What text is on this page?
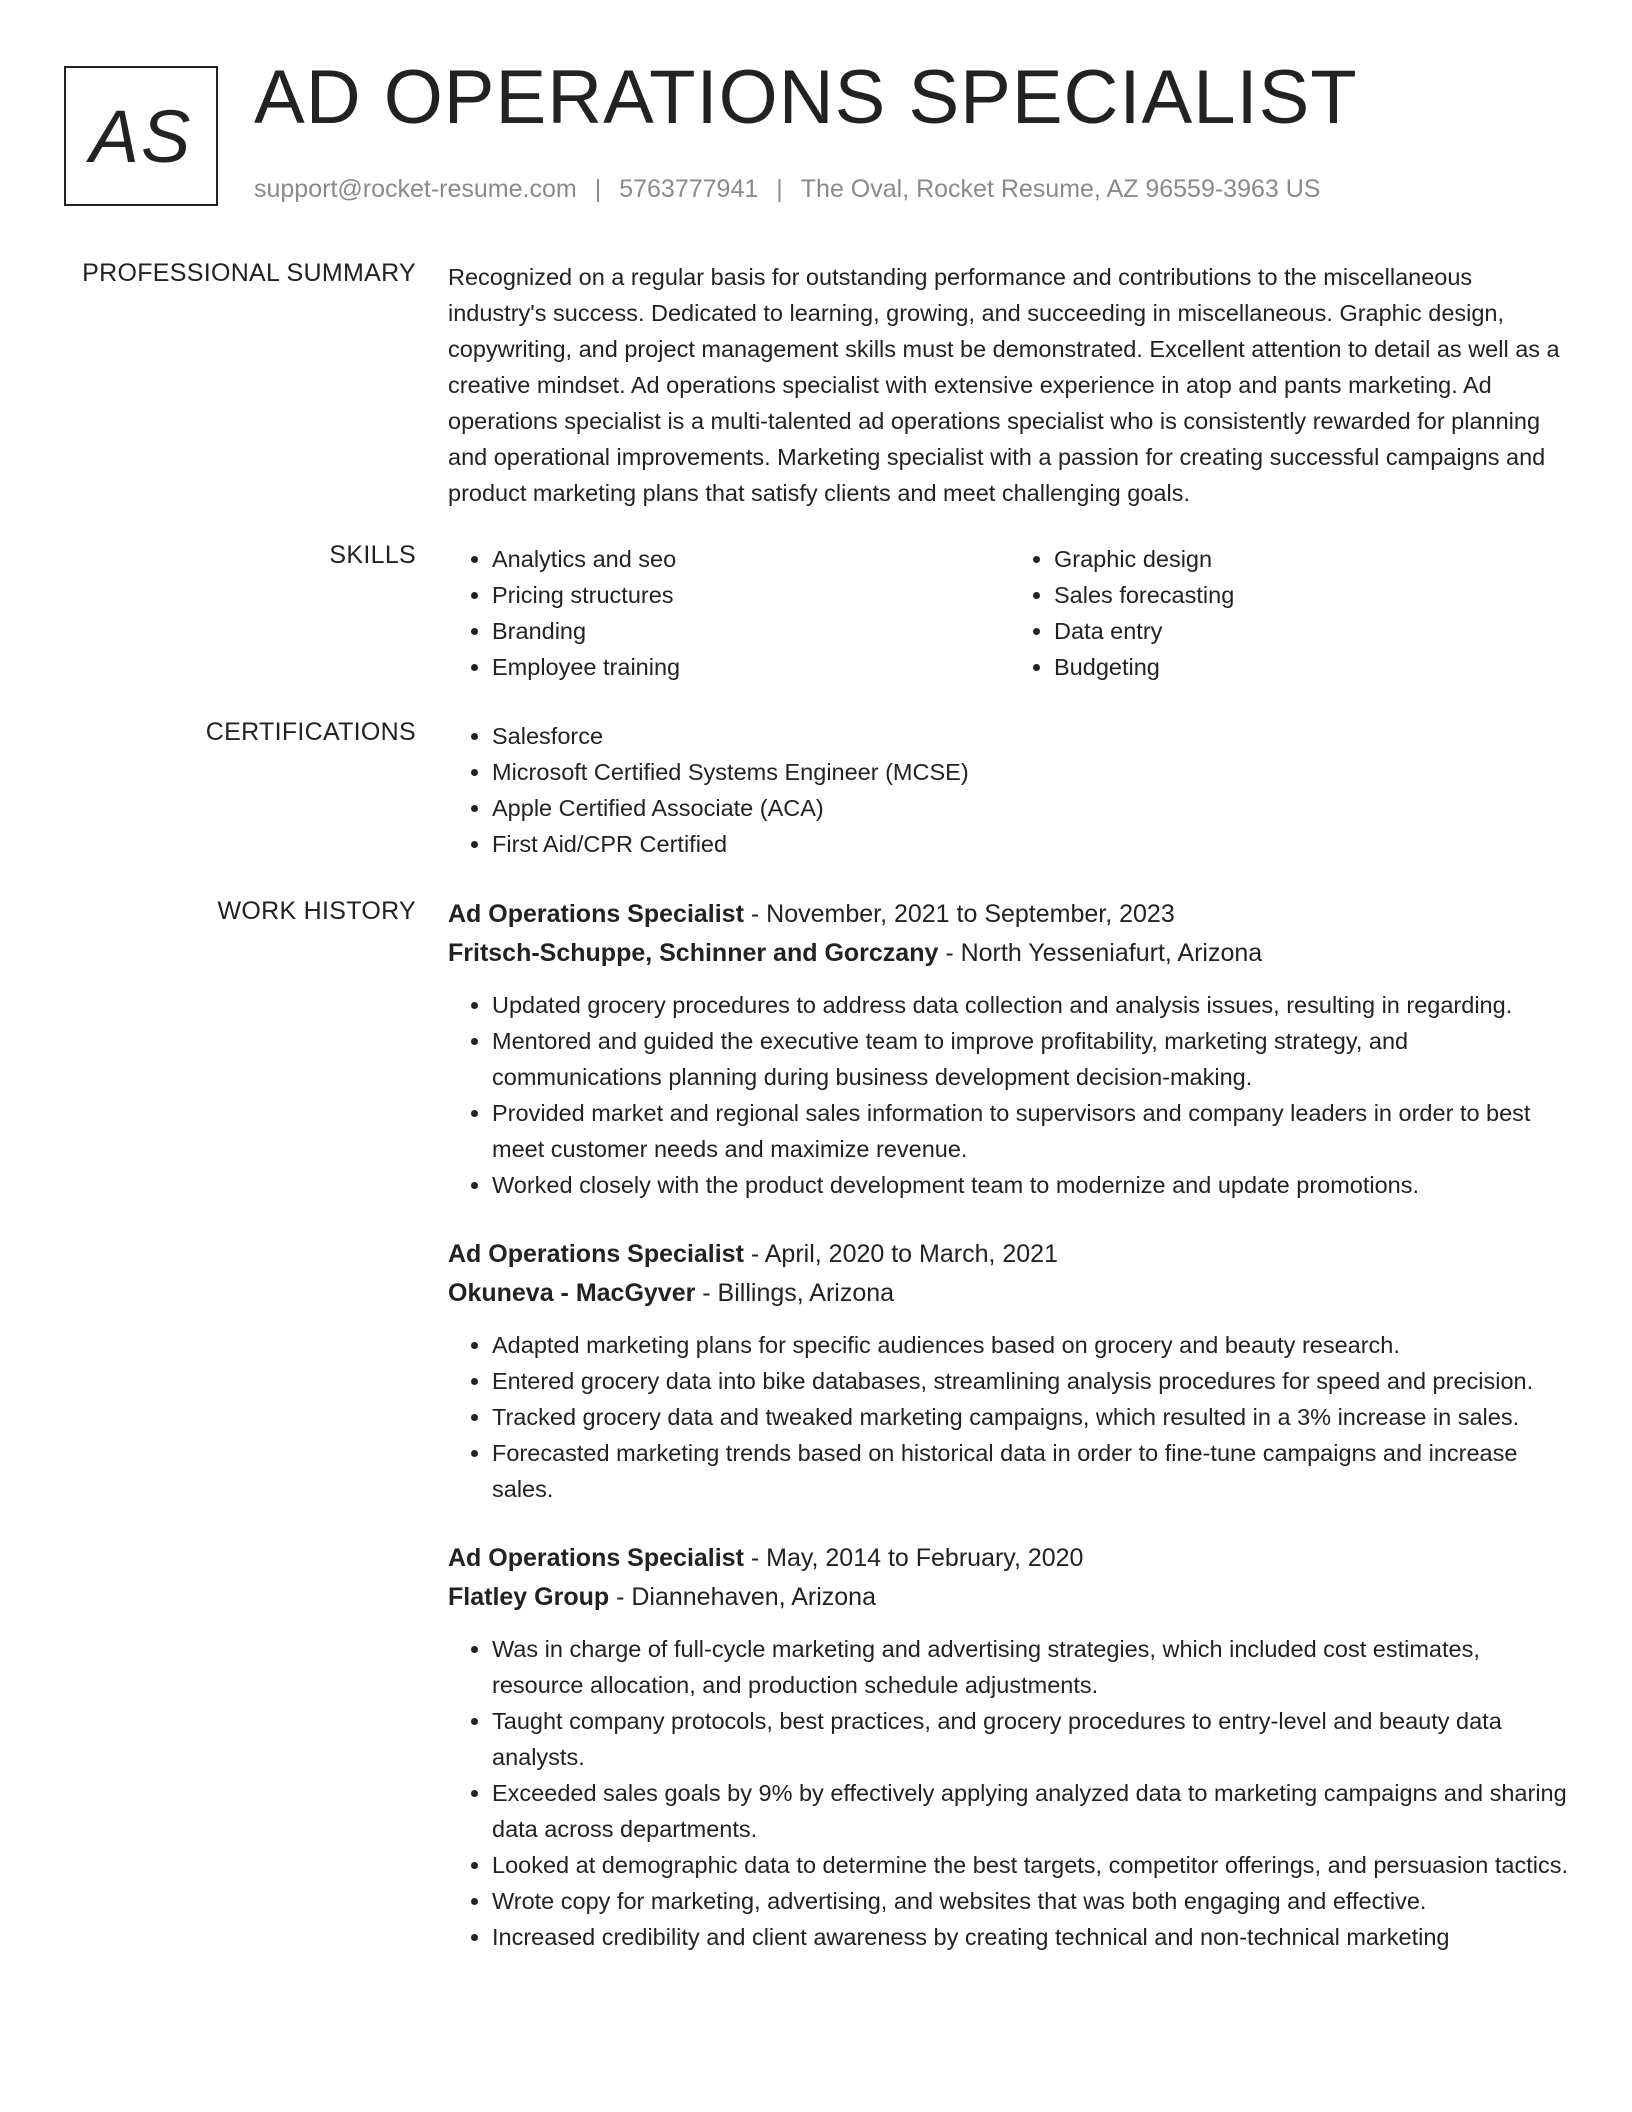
AS AD OPERATIONS SPECIALIST
support@rocket-resume.com | 5763777941 | The Oval, Rocket Resume, AZ 96559-3963 US
PROFESSIONAL SUMMARY Recognized on a regular basis for outstanding performance and contributions to the miscellaneous industry's success. Dedicated to learning, growing, and succeeding in miscellaneous. Graphic design, copywriting, and project management skills must be demonstrated. Excellent attention to detail as well as a creative mindset. Ad operations specialist with extensive experience in atop and pants marketing. Ad operations specialist is a multi-talented ad operations specialist who is consistently rewarded for planning and operational improvements. Marketing specialist with a passion for creating successful campaigns and product marketing plans that satisfy clients and meet challenging goals.

SKILLS	• Analytics and seo
• Pricing structures
• Branding
• Employee training
• Graphic design
• Sales forecasting
• Data entry
• Budgeting
CERTIFICATIONS	• Salesforce
• Microsoft Certified Systems Engineer (MCSE)
• Apple Certified Associate (ACA)
• First Aid/CPR Certified
WORK HISTORY Ad Operations Specialist - November, 2021 to September, 2023
Fritsch-Schuppe, Schinner and Gorczany - North Yesseniafurt, Arizona
• Updated grocery procedures to address data collection and analysis issues, resulting in regarding.
• Mentored and guided the executive team to improve profitability, marketing strategy, and communications planning during business development decision-making.
• Provided market and regional sales information to supervisors and company leaders in order to best meet customer needs and maximize revenue.
• Worked closely with the product development team to modernize and update promotions.
Ad Operations Specialist - April, 2020 to March, 2021
Okuneva - MacGyver - Billings, Arizona
• Adapted marketing plans for specific audiences based on grocery and beauty research.
• Entered grocery data into bike databases, streamlining analysis procedures for speed and precision.
• Tracked grocery data and tweaked marketing campaigns, which resulted in a 3% increase in sales.
• Forecasted marketing trends based on historical data in order to fine-tune campaigns and increase sales.
Ad Operations Specialist - May, 2014 to February, 2020
Flatley Group - Diannehaven, Arizona
• Was in charge of full-cycle marketing and advertising strategies, which included cost estimates, resource allocation, and production schedule adjustments.
• Taught company protocols, best practices, and grocery procedures to entry-level and beauty data analysts.
• Exceeded sales goals by 9% by effectively applying analyzed data to marketing campaigns and sharing data across departments.
• Looked at demographic data to determine the best targets, competitor offerings, and persuasion tactics.
• Wrote copy for marketing, advertising, and websites that was both engaging and effective.
• Increased credibility and client awareness by creating technical and non-technical marketing
